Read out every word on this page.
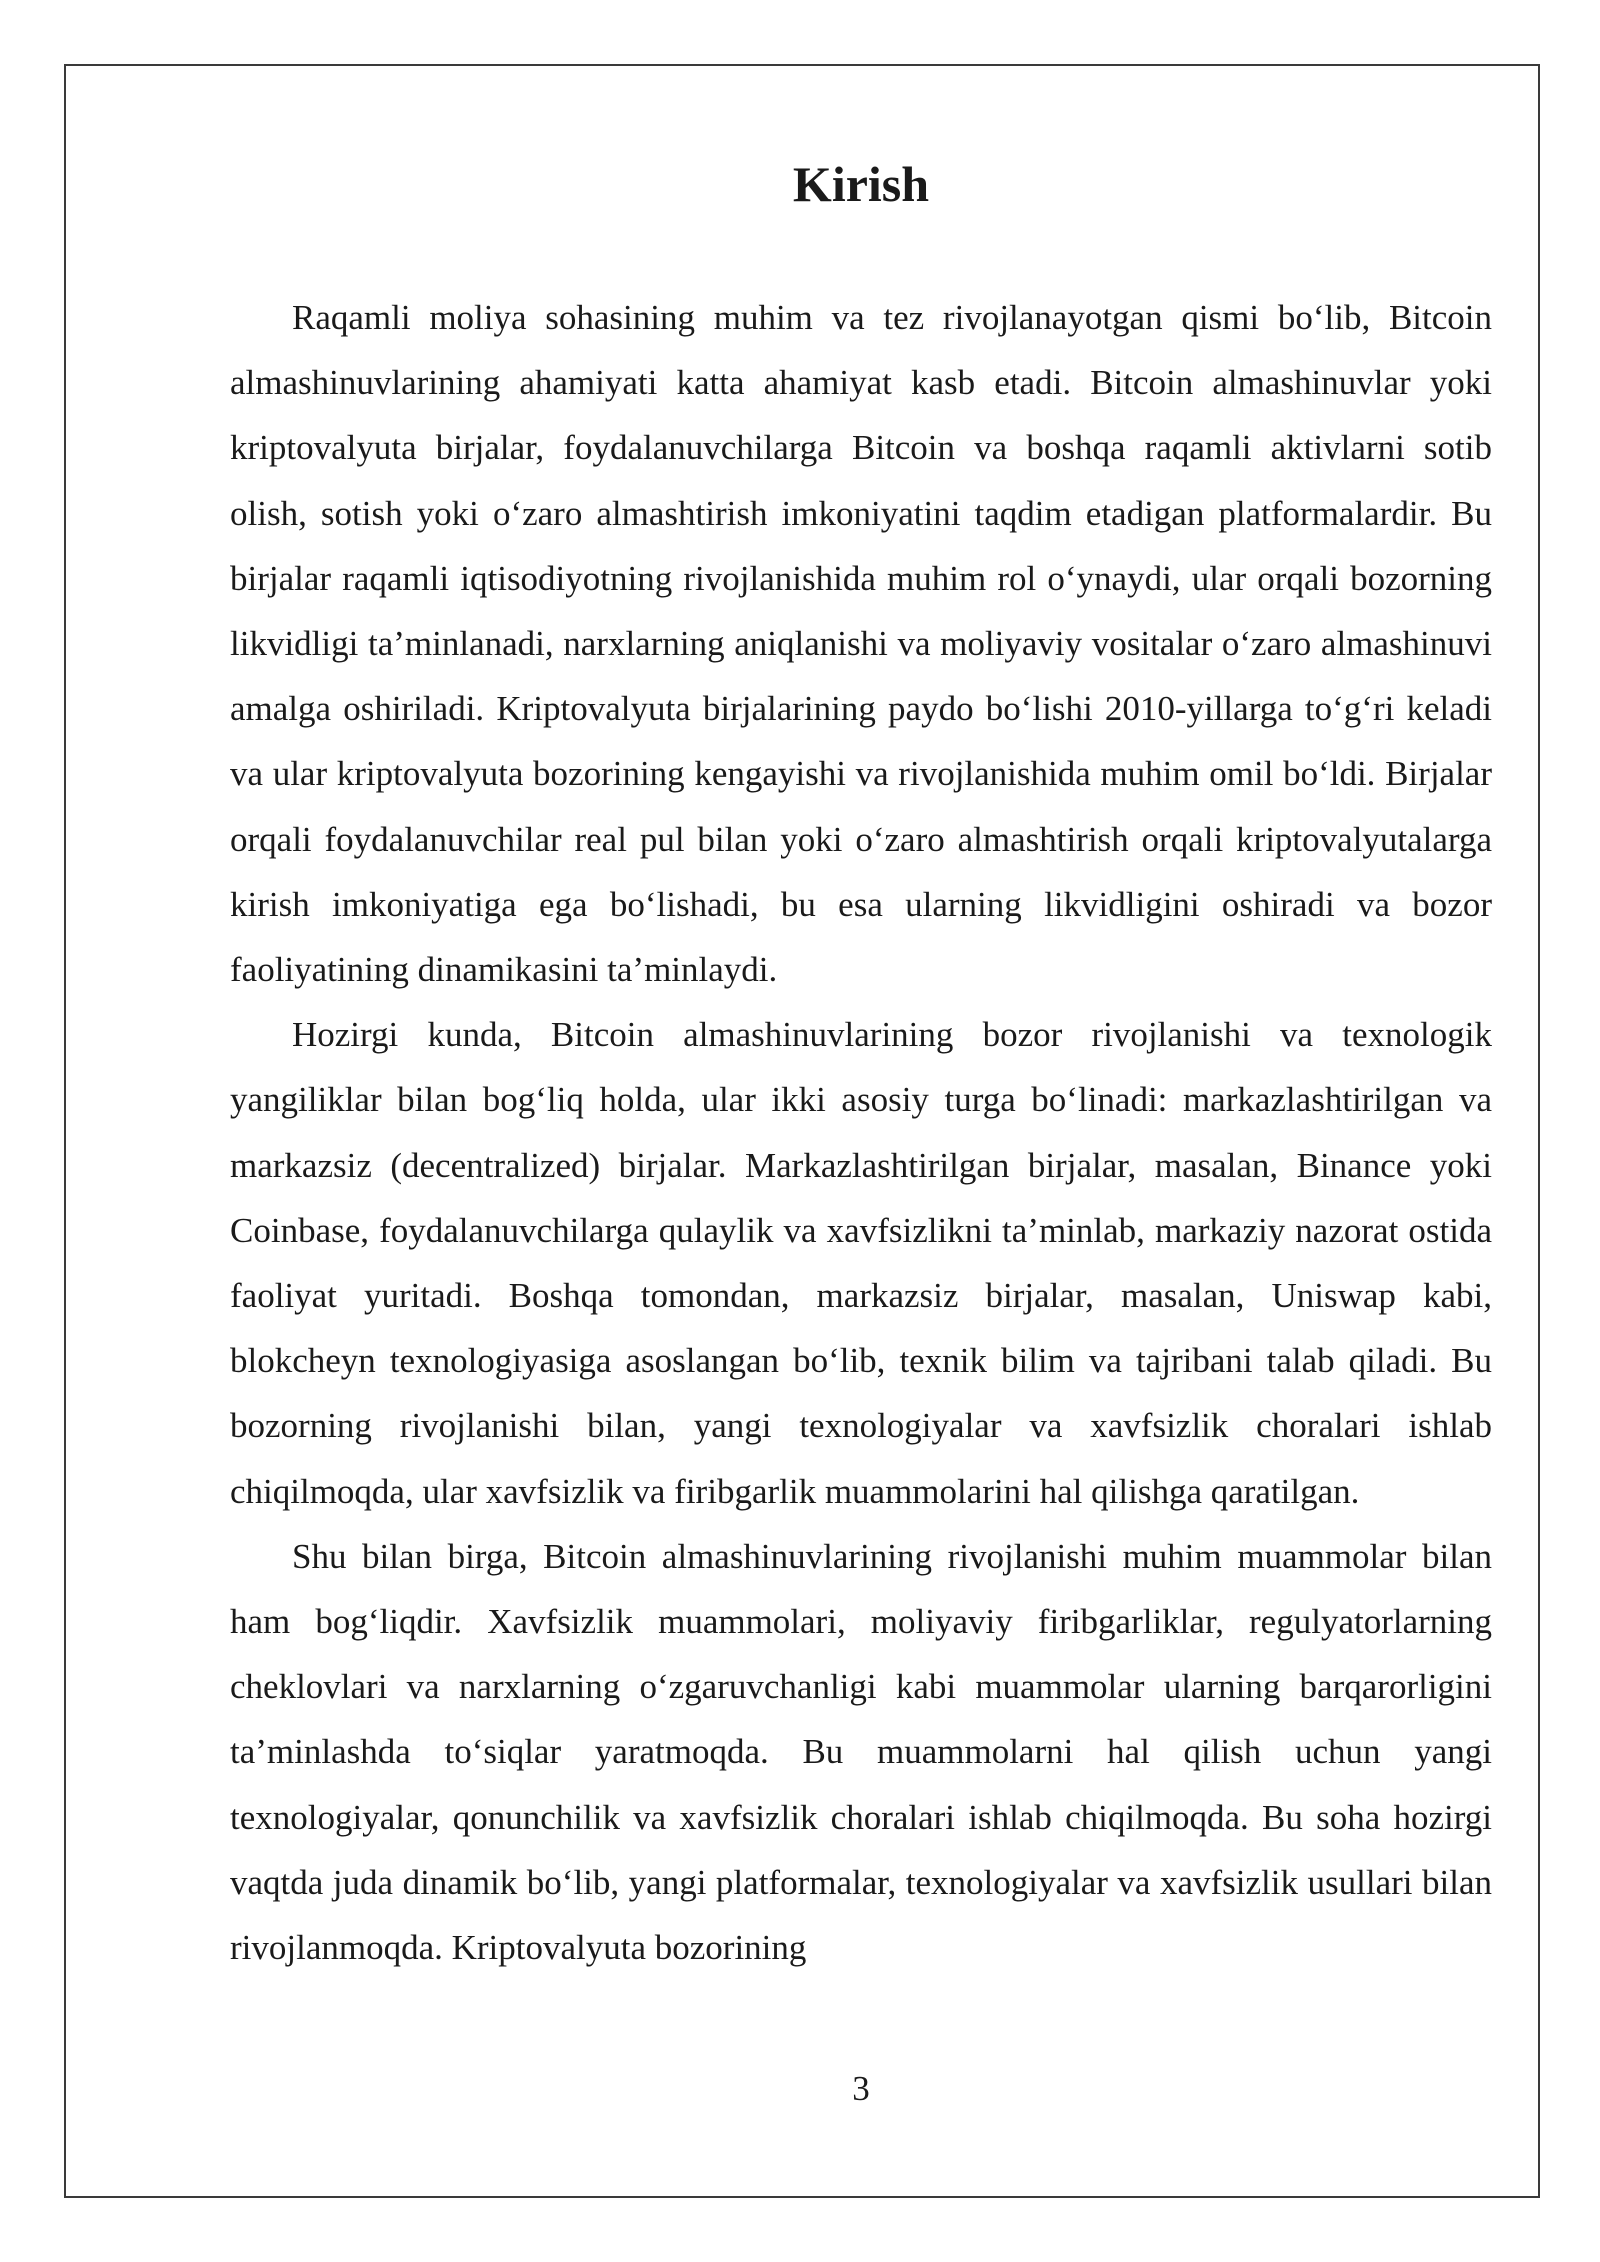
Kirish

Raqamli moliya sohasining muhim va tez rivojlanayotgan qismi bo‘lib, Bitcoin almashinuvlarining ahamiyati katta ahamiyat kasb etadi. Bitcoin almashinuvlar yoki kriptovalyuta birjalar, foydalanuvchilarga Bitcoin va boshqa raqamli aktivlarni sotib olish, sotish yoki o‘zaro almashtirish imkoniyatini taqdim etadigan platformalardir. Bu birjalar raqamli iqtisodiyotning rivojlanishida muhim rol o‘ynaydi, ular orqali bozorning likvidligi ta’minlanadi, narxlarning aniqlanishi va moliyaviy vositalar o‘zaro almashinuvi amalga oshiriladi. Kriptovalyuta birjalarining paydo bo‘lishi 2010-yillarga to‘g‘ri keladi va ular kriptovalyuta bozorining kengayishi va rivojlanishida muhim omil bo‘ldi. Birjalar orqali foydalanuvchilar real pul bilan yoki o‘zaro almashtirish orqali kriptovalyutalarga kirish imkoniyatiga ega bo‘lishadi, bu esa ularning likvidligini oshiradi va bozor faoliyatining dinamikasini ta’minlaydi.

Hozirgi kunda, Bitcoin almashinuvlarining bozor rivojlanishi va texnologik yangiliklar bilan bog‘liq holda, ular ikki asosiy turga bo‘linadi: markazlashtirilgan va markazsiz (decentralized) birjalar. Markazlashtirilgan birjalar, masalan, Binance yoki Coinbase, foydalanuvchilarga qulaylik va xavfsizlikni ta’minlab, markaziy nazorat ostida faoliyat yuritadi. Boshqa tomondan, markazsiz birjalar, masalan, Uniswap kabi, blokcheyn texnologiyasiga asoslangan bo‘lib, texnik bilim va tajribani talab qiladi. Bu bozorning rivojlanishi bilan, yangi texnologiyalar va xavfsizlik choralari ishlab chiqilmoqda, ular xavfsizlik va firibgarlik muammolarini hal qilishga qaratilgan.

Shu bilan birga, Bitcoin almashinuvlarining rivojlanishi muhim muammolar bilan ham bog‘liqdir. Xavfsizlik muammolari, moliyaviy firibgarliklar, regulyatorlarning cheklovlari va narxlarning o‘zgaruvchanligi kabi muammolar ularning barqarorligini ta’minlashda to‘siqlar yaratmoqda. Bu muammolarni hal qilish uchun yangi texnologiyalar, qonunchilik va xavfsizlik choralari ishlab chiqilmoqda. Bu soha hozirgi vaqtda juda dinamik bo‘lib, yangi platformalar, texnologiyalar va xavfsizlik usullari bilan rivojlanmoqda. Kriptovalyuta bozorining

3
